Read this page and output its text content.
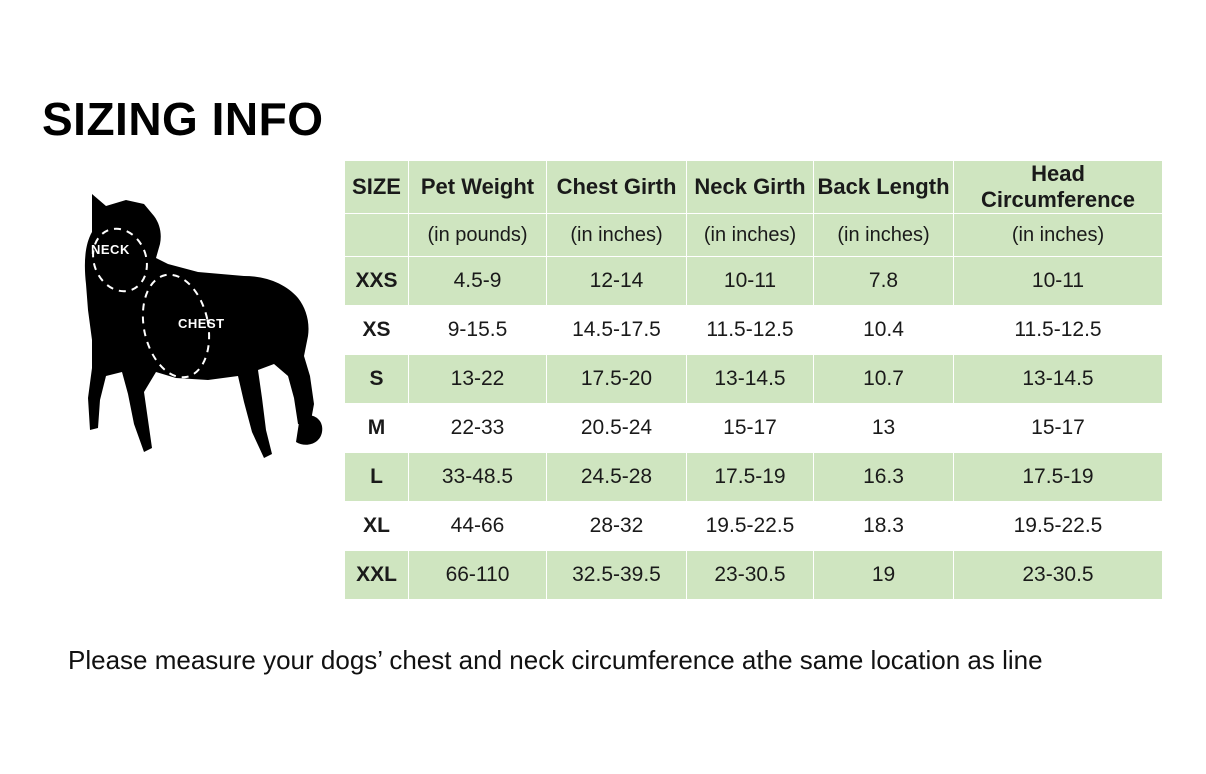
SIZING INFO
NECK
CHEST
SIZE	Pet Weight	Chest Girth	Neck Girth	Back Length	Head Circumference
	(in pounds)	(in inches)	(in inches)	(in inches)	(in inches)
XXS	4.5-9	12-14	10-11	7.8	10-11
XS	9-15.5	14.5-17.5	11.5-12.5	10.4	11.5-12.5
S	13-22	17.5-20	13-14.5	10.7	13-14.5
M	22-33	20.5-24	15-17	13	15-17
L	33-48.5	24.5-28	17.5-19	16.3	17.5-19
XL	44-66	28-32	19.5-22.5	18.3	19.5-22.5
XXL	66-110	32.5-39.5	23-30.5	19	23-30.5
Please measure your dogs’ chest and neck circumference athe same location as line
